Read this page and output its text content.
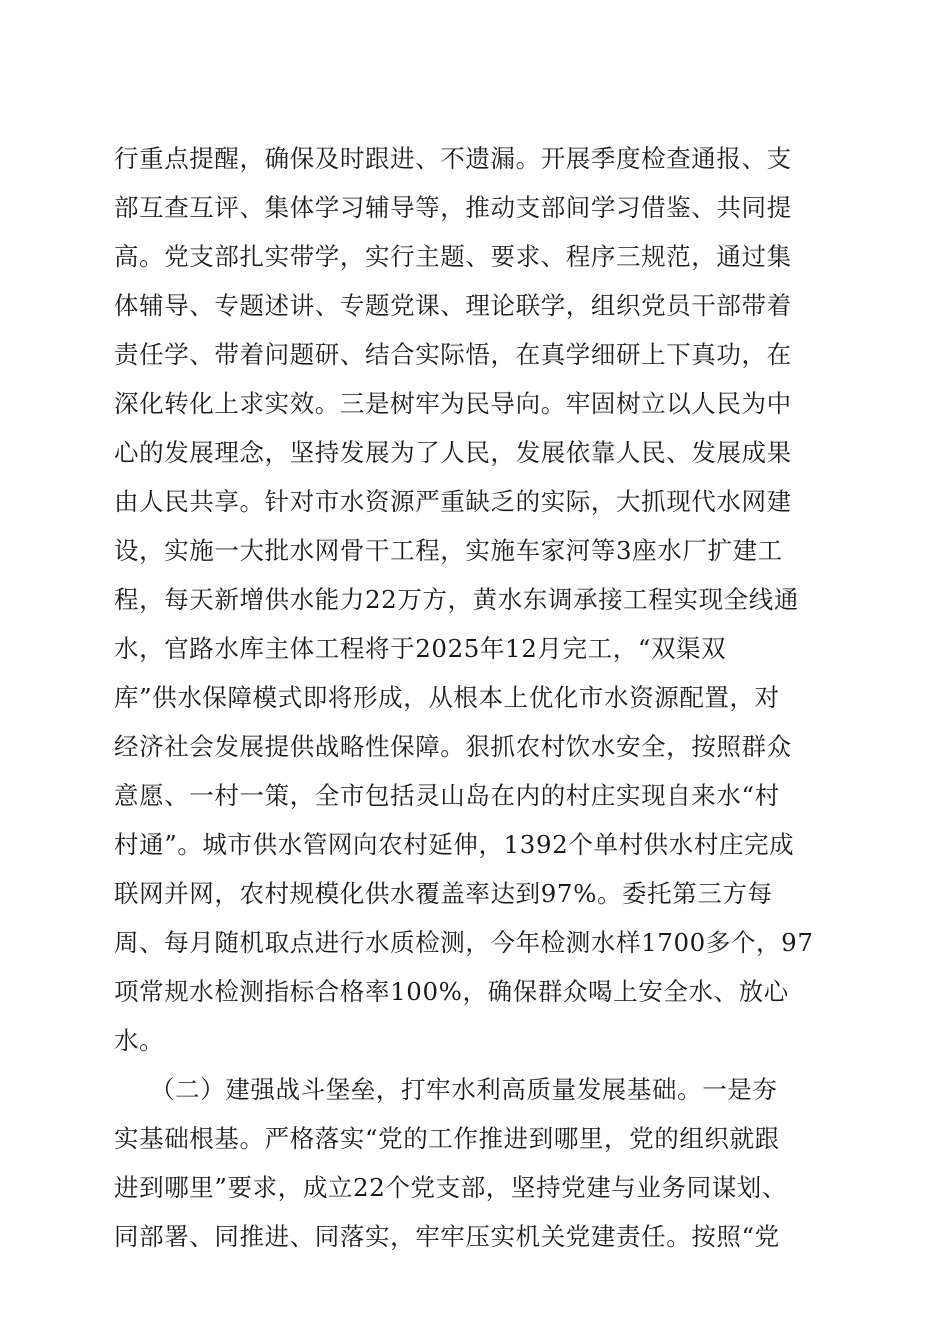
行重点提醒，确保及时跟进、不遗漏。开展季度检查通报、支
部互查互评、集体学习辅导等，推动支部间学习借鉴、共同提
高。党支部扎实带学，实行主题、要求、程序三规范，通过集
体辅导、专题述讲、专题党课、理论联学，组织党员干部带着
责任学、带着问题研、结合实际悟，在真学细研上下真功，在
深化转化上求实效。三是树牢为民导向。牢固树立以人民为中
心的发展理念，坚持发展为了人民，发展依靠人民、发展成果
由人民共享。针对市水资源严重缺乏的实际，大抓现代水网建
设，实施一大批水网骨干工程，实施车家河等3座水厂扩建工
程，每天新增供水能力22万方，黄水东调承接工程实现全线通
水，官路水库主体工程将于2025年12月完工，“双渠双
库”供水保障模式即将形成，从根本上优化市水资源配置，对
经济社会发展提供战略性保障。狠抓农村饮水安全，按照群众
意愿、一村一策，全市包括灵山岛在内的村庄实现自来水“村
村通”。城市供水管网向农村延伸，1392个单村供水村庄完成
联网并网，农村规模化供水覆盖率达到97%。委托第三方每
周、每月随机取点进行水质检测，今年检测水样1700多个，97
项常规水检测指标合格率100%，确保群众喝上安全水、放心
水。
（二）建强战斗堡垒，打牢水利高质量发展基础。一是夯
实基础根基。严格落实“党的工作推进到哪里，党的组织就跟
进到哪里”要求，成立22个党支部，坚持党建与业务同谋划、
同部署、同推进、同落实，牢牢压实机关党建责任。按照“党
